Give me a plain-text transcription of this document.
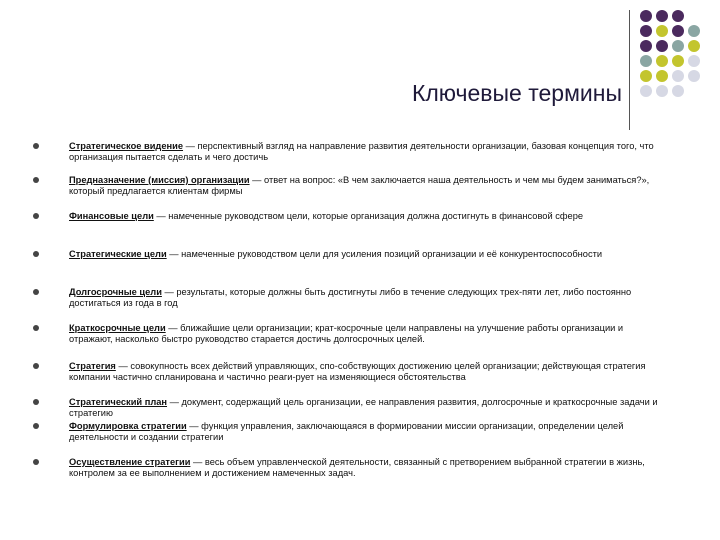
Ключевые термины
Стратегическое видение — перспективный взгляд на направление развития деятельности организации, базовая концепция того, что организация пытается сделать и чего достичь
Предназначение (миссия) организации — ответ на вопрос: «В чем заключается наша деятельность и чем мы будем заниматься?», который предлагается клиентам фирмы
Финансовые цели — намеченные руководством цели, которые организация должна достигнуть в финансовой сфере
Стратегические цели — намеченные руководством цели для усиления позиций организации и её конкурентоспособности
Долгосрочные цели — результаты, которые должны быть достигнуты либо в течение следующих трех-пяти лет, либо постоянно достигаться из года в год
Краткосрочные цели — ближайшие цели организации; крат-косрочные цели направлены на улучшение работы организации и отражают, насколько быстро руководство старается достичь долгосрочных целей.
Стратегия — совокупность всех действий управляющих, спо-собствующих достижению целей организации; действующая стратегия компании частично спланирована и частично реаги-рует на изменяющиеся обстоятельства
Стратегический план — документ, содержащий цель организации, ее направления развития, долгосрочные и краткосрочные задачи и стратегию
Формулировка стратегии — функция управления, заключающаяся в формировании миссии организации, определении целей деятельности и создании стратегии
Осуществление стратегии — весь объем управленческой деятельности, связанный с претворением выбранной стратегии в жизнь, контролем за ее выполнением и достижением намеченных задач.
